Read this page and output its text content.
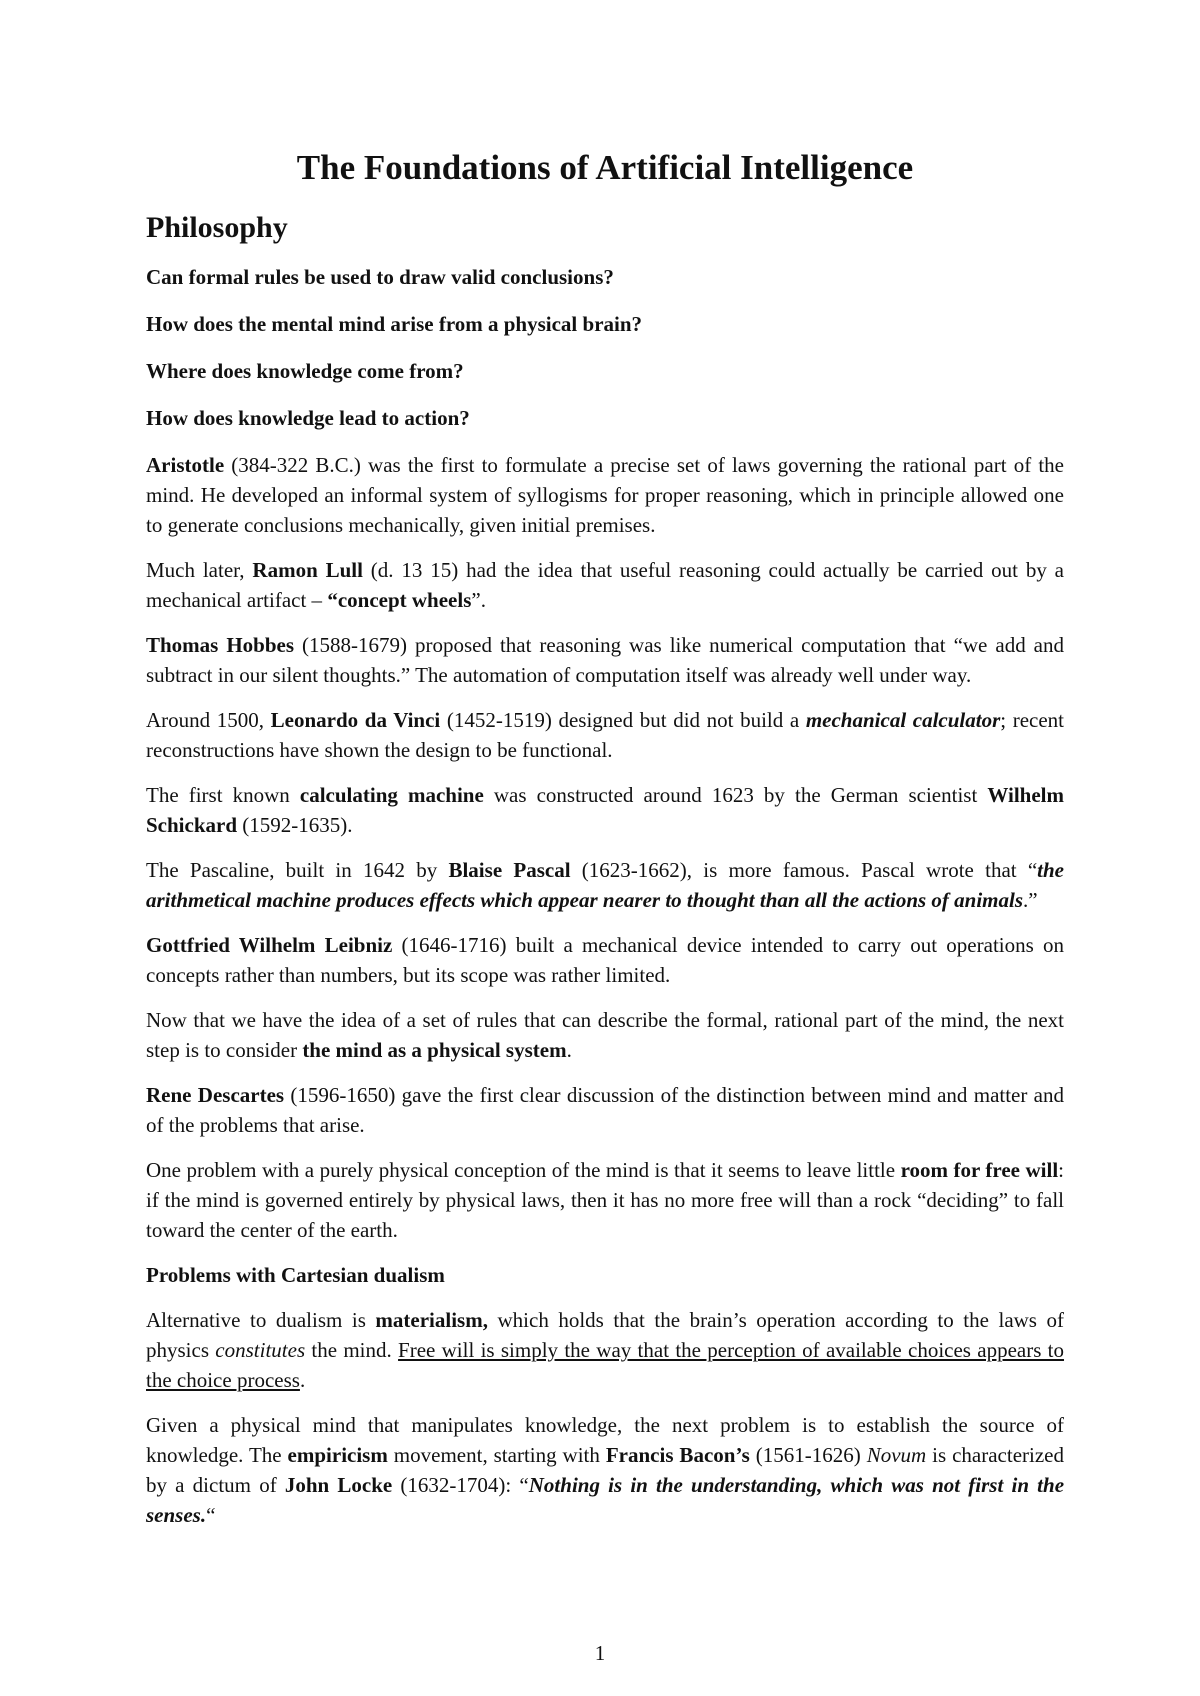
The Foundations of Artificial Intelligence
Philosophy

Can formal rules be used to draw valid conclusions?

How does the mental mind arise from a physical brain?

Where does knowledge come from?

How does knowledge lead to action?

Aristotle (384-322 B.C.) was the first to formulate a precise set of laws governing the rational part of the mind. He developed an informal system of syllogisms for proper reasoning, which in principle allowed one to generate conclusions mechanically, given initial premises.

Much later, Ramon Lull (d. 13 15) had the idea that useful reasoning could actually be carried out by a mechanical artifact – “concept wheels”.

Thomas Hobbes (1588-1679) proposed that reasoning was like numerical computation that “we add and subtract in our silent thoughts.” The automation of computation itself was already well under way.

Around 1500, Leonardo da Vinci (1452-1519) designed but did not build a mechanical calculator; recent reconstructions have shown the design to be functional.

The first known calculating machine was constructed around 1623 by the German scientist Wilhelm Schickard (1592-1635).

The Pascaline, built in 1642 by Blaise Pascal (1623-1662), is more famous. Pascal wrote that “the arithmetical machine produces effects which appear nearer to thought than all the actions of animals.”

Gottfried Wilhelm Leibniz (1646-1716) built a mechanical device intended to carry out operations on concepts rather than numbers, but its scope was rather limited.

Now that we have the idea of a set of rules that can describe the formal, rational part of the mind, the next step is to consider the mind as a physical system.

Rene Descartes (1596-1650) gave the first clear discussion of the distinction between mind and matter and of the problems that arise.

One problem with a purely physical conception of the mind is that it seems to leave little room for free will: if the mind is governed entirely by physical laws, then it has no more free will than a rock “deciding” to fall toward the center of the earth.

Problems with Cartesian dualism

Alternative to dualism is materialism, which holds that the brain’s operation according to the laws of physics constitutes the mind. Free will is simply the way that the perception of available choices appears to the choice process.

Given a physical mind that manipulates knowledge, the next problem is to establish the source of knowledge. The empiricism movement, starting with Francis Bacon’s (1561-1626) Novum is characterized by a dictum of John Locke (1632-1704): “Nothing is in the understanding, which was not first in the senses.“

1
